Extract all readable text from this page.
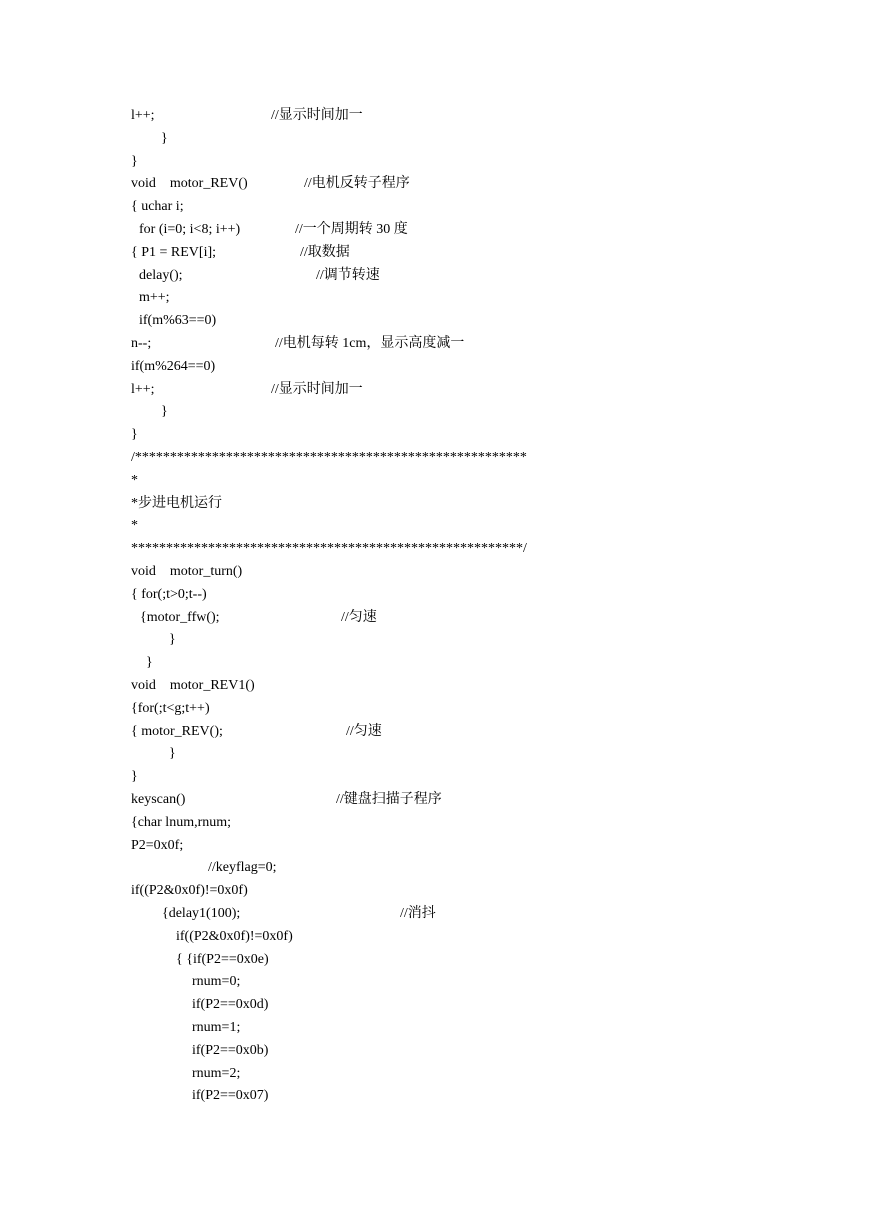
l++;	//显示时间加一
}
}
void    motor_REV()	//电机反转子程序
{ uchar i;
for (i=0; i<8; i++)	//一个周期转 30 度
{ P1 = REV[i];	//取数据
delay();	//调节转速
m++;
if(m%63==0)
n--;	//电机每转 1cm，显示高度减一
if(m%264==0)
l++;	//显示时间加一
}
}
/********************************************************
*
*步进电机运行
*
********************************************************/
void    motor_turn()
{ for(;t>0;t--)
{motor_ffw();	//匀速
}
}
void    motor_REV1()
{for(;t<g;t++)
{ motor_REV();	//匀速
}
}
keyscan()	//键盘扫描子程序
{char lnum,rnum;
P2=0x0f;
//keyflag=0;
if((P2&0x0f)!=0x0f)
{delay1(100);	//消抖
if((P2&0x0f)!=0x0f)
{ {if(P2==0x0e)
rnum=0;
if(P2==0x0d)
rnum=1;
if(P2==0x0b)
rnum=2;
if(P2==0x07)
